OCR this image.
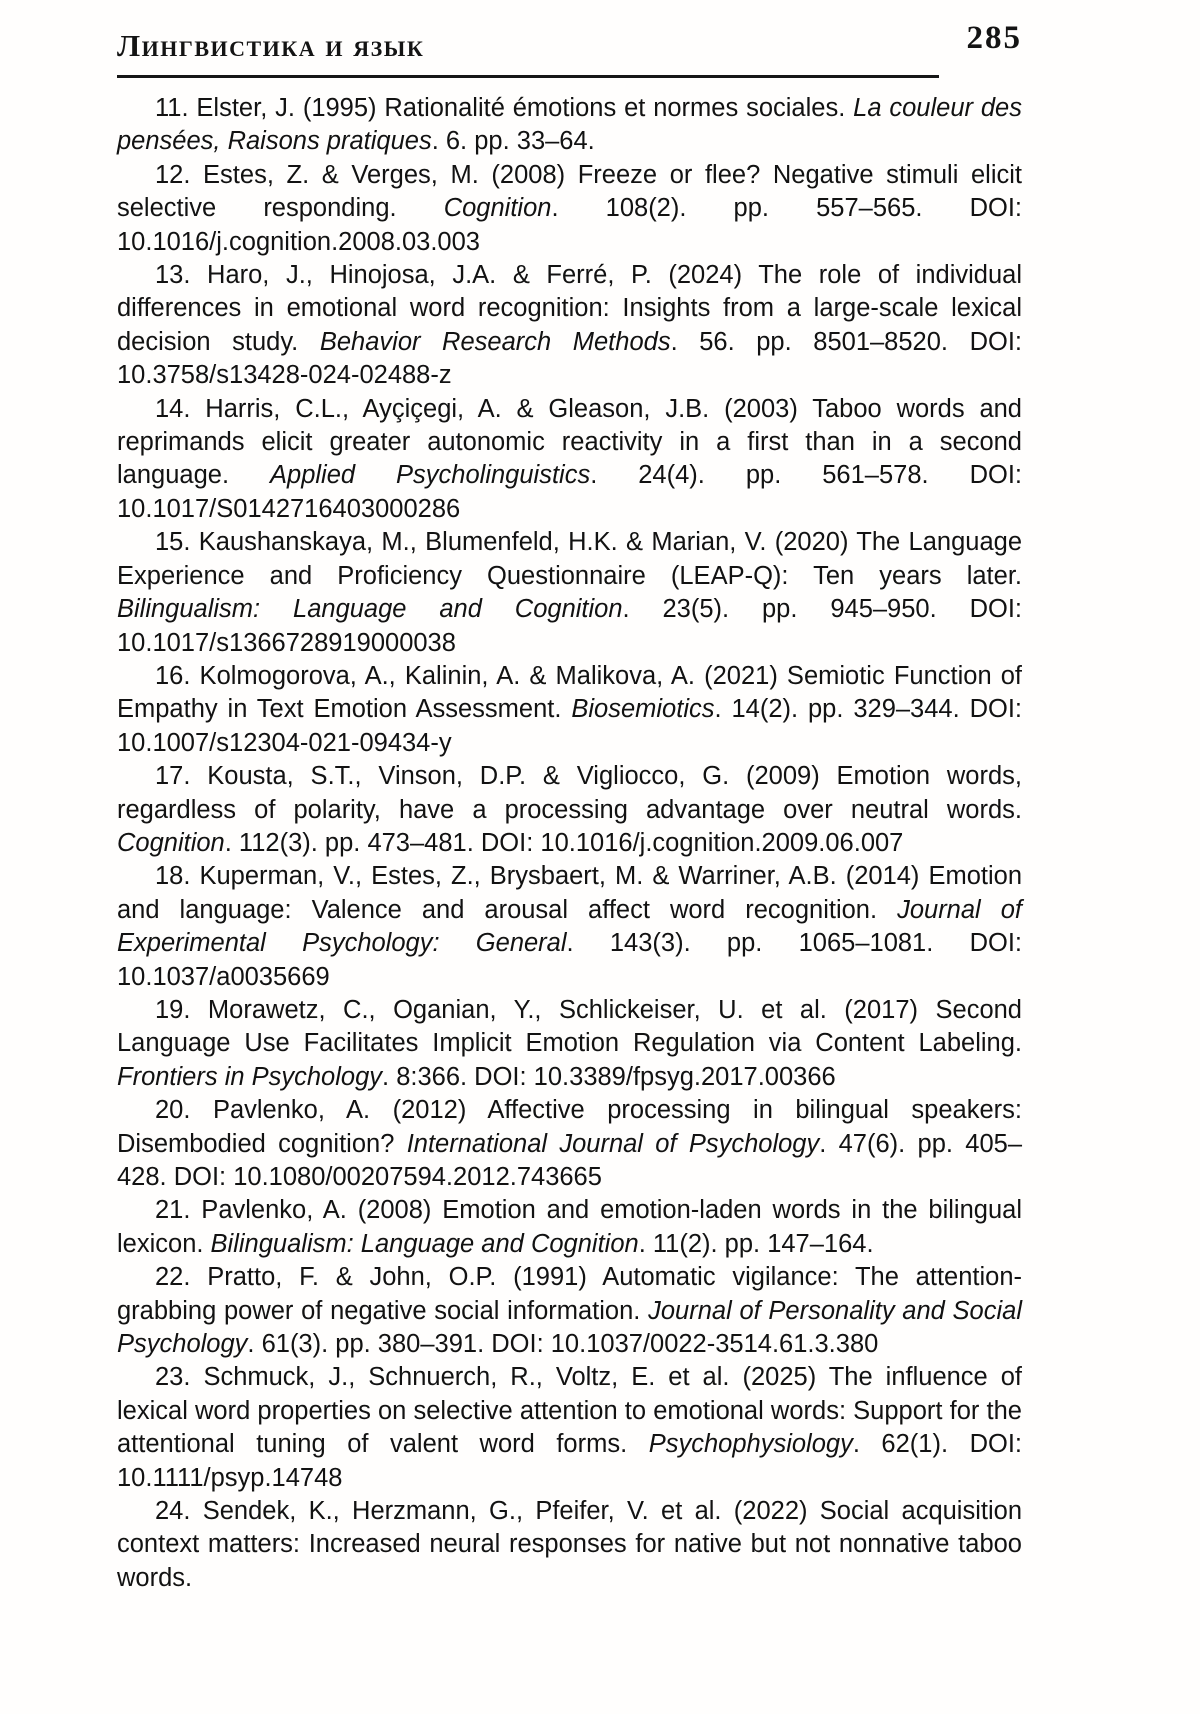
Лингвистика и язык	285

11. Elster, J. (1995) Rationalité émotions et normes sociales. La couleur des pensées, Raisons pratiques. 6. pp. 33–64.

12. Estes, Z. & Verges, M. (2008) Freeze or flee? Negative stimuli elicit selective responding. Cognition. 108(2). pp. 557–565. DOI: 10.1016/j.cognition.2008.03.003

13. Haro, J., Hinojosa, J.A. & Ferré, P. (2024) The role of individual differences in emotional word recognition: Insights from a large-scale lexical decision study. Behavior Research Methods. 56. pp. 8501–8520. DOI: 10.3758/s13428-024-02488-z

14. Harris, C.L., Ayçiçegi, A. & Gleason, J.B. (2003) Taboo words and reprimands elicit greater autonomic reactivity in a first than in a second language. Applied Psycholinguistics. 24(4). pp. 561–578. DOI: 10.1017/S0142716403000286

15. Kaushanskaya, M., Blumenfeld, H.K. & Marian, V. (2020) The Language Experience and Proficiency Questionnaire (LEAP-Q): Ten years later. Bilingualism: Language and Cognition. 23(5). pp. 945–950. DOI: 10.1017/s1366728919000038

16. Kolmogorova, A., Kalinin, A. & Malikova, A. (2021) Semiotic Function of Empathy in Text Emotion Assessment. Biosemiotics. 14(2). pp. 329–344. DOI: 10.1007/s12304-021-09434-y

17. Kousta, S.T., Vinson, D.P. & Vigliocco, G. (2009) Emotion words, regardless of polarity, have a processing advantage over neutral words. Cognition. 112(3). pp. 473–481. DOI: 10.1016/j.cognition.2009.06.007

18. Kuperman, V., Estes, Z., Brysbaert, M. & Warriner, A.B. (2014) Emotion and language: Valence and arousal affect word recognition. Journal of Experimental Psychology: General. 143(3). pp. 1065–1081. DOI: 10.1037/a0035669

19. Morawetz, C., Oganian, Y., Schlickeiser, U. et al. (2017) Second Language Use Facilitates Implicit Emotion Regulation via Content Labeling. Frontiers in Psychology. 8:366. DOI: 10.3389/fpsyg.2017.00366

20. Pavlenko, A. (2012) Affective processing in bilingual speakers: Disembodied cognition? International Journal of Psychology. 47(6). pp. 405–428. DOI: 10.1080/00207594.2012.743665

21. Pavlenko, A. (2008) Emotion and emotion-laden words in the bilingual lexicon. Bilingualism: Language and Cognition. 11(2). pp. 147–164.

22. Pratto, F. & John, O.P. (1991) Automatic vigilance: The attention-grabbing power of negative social information. Journal of Personality and Social Psychology. 61(3). pp. 380–391. DOI: 10.1037/0022-3514.61.3.380

23. Schmuck, J., Schnuerch, R., Voltz, E. et al. (2025) The influence of lexical word properties on selective attention to emotional words: Support for the attentional tuning of valent word forms. Psychophysiology. 62(1). DOI: 10.1111/psyp.14748

24. Sendek, K., Herzmann, G., Pfeifer, V. et al. (2022) Social acquisition context matters: Increased neural responses for native but not nonnative taboo words.
